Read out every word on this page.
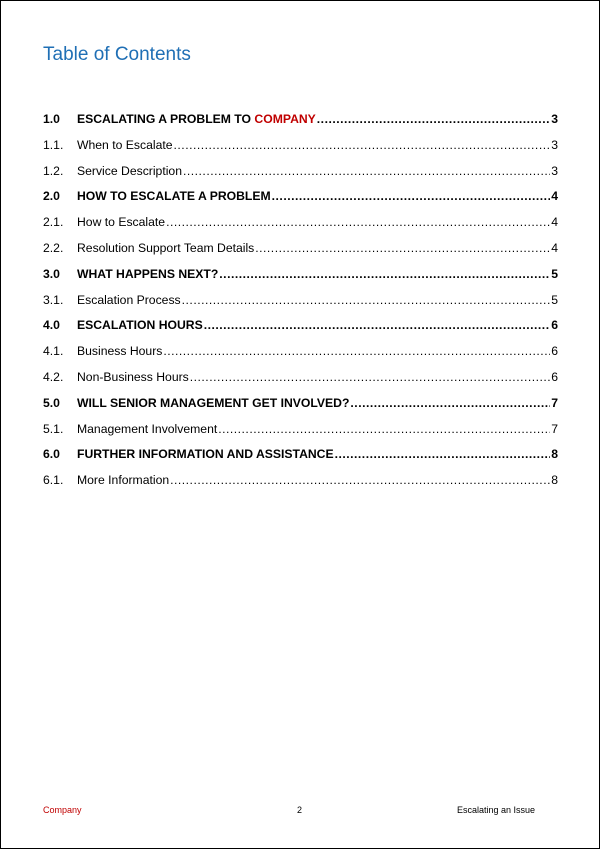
Table of Contents
1.0	ESCALATING A PROBLEM TO COMPANY .....	3
1.1.	When to Escalate .....	3
1.2.	Service Description .....	3
2.0	HOW TO ESCALATE A PROBLEM .....	4
2.1.	How to Escalate .....	4
2.2.	Resolution Support Team Details .....	4
3.0	WHAT HAPPENS NEXT? .....	5
3.1.	Escalation Process .....	5
4.0	ESCALATION HOURS .....	6
4.1.	Business Hours .....	6
4.2.	Non-Business Hours .....	6
5.0	WILL SENIOR MANAGEMENT GET INVOLVED? .....	7
5.1.	Management Involvement .....	7
6.0	FURTHER INFORMATION AND ASSISTANCE .....	8
6.1.	More Information .....	8
Company	2	Escalating an Issue
